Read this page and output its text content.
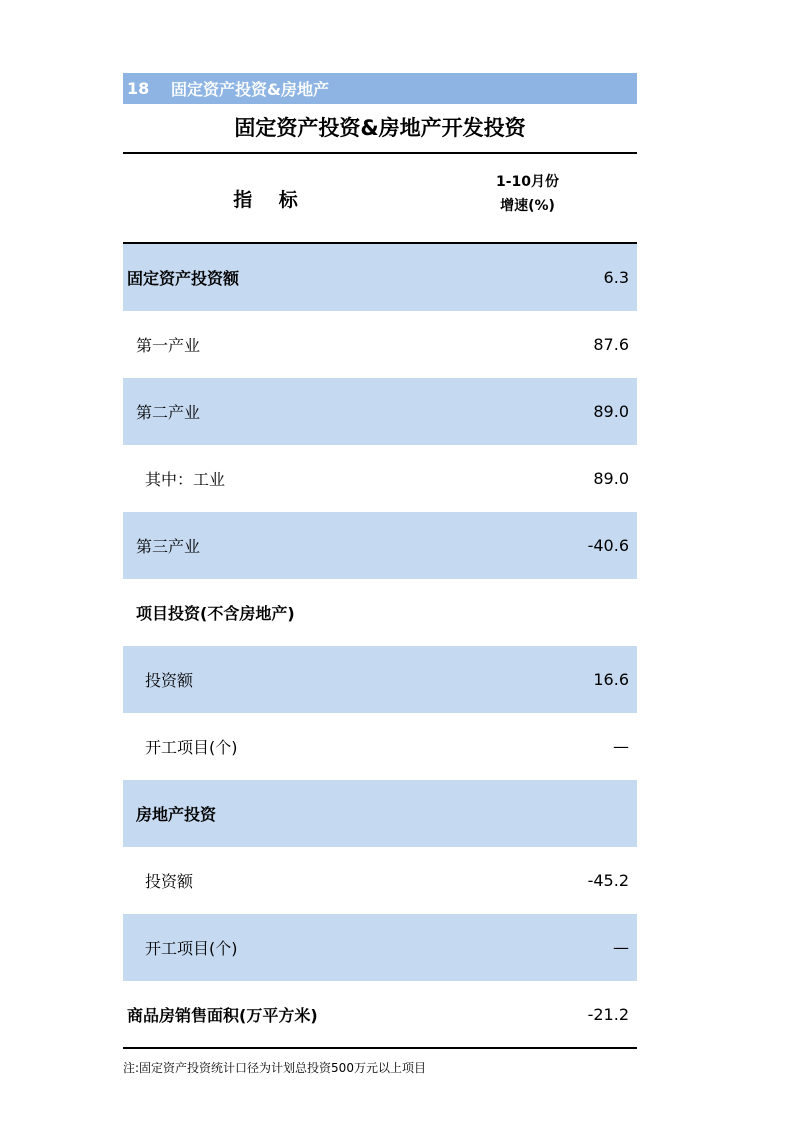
18	固定资产投资&房地产
固定资产投资&房地产开发投资
指 标
1-10月份
增速(%)
固定资产投资额	6.3
第一产业	87.6
第二产业	89.0
其中：工业	89.0
第三产业	-40.6
项目投资(不含房地产)
投资额	16.6
开工项目(个)	—
房地产投资
投资额	-45.2
开工项目(个)	—
商品房销售面积(万平方米)	-21.2
注:固定资产投资统计口径为计划总投资500万元以上项目
